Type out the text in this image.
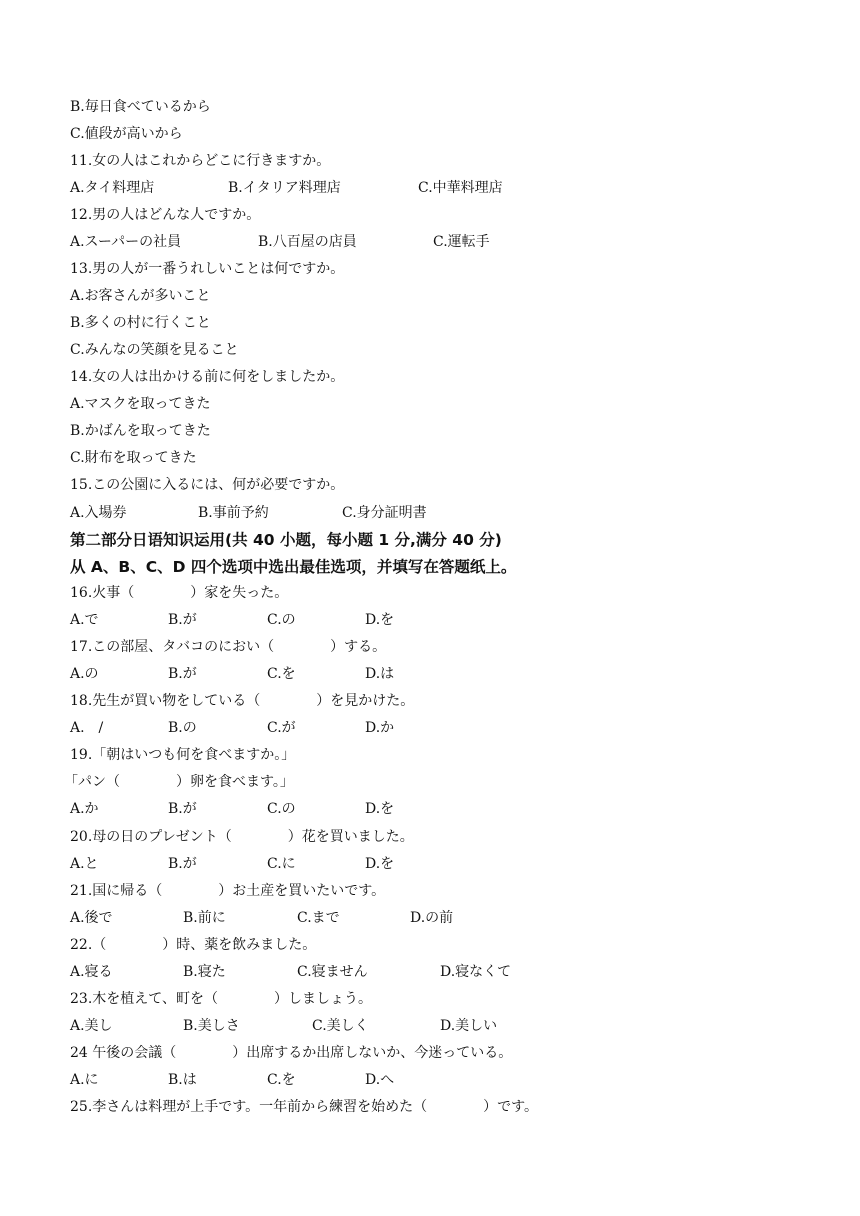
B.毎日食べているから
C.値段が高いから
11.女の人はこれからどこに行きますか。
A.タイ料理店	B.イタリア料理店	C.中華料理店
12.男の人はどんな人ですか。
A.スーパーの社員	B.八百屋の店員	C.運転手
13.男の人が一番うれしいことは何ですか。
A.お客さんが多いこと
B.多くの村に行くこと
C.みんなの笑顔を見ること
14.女の人は出かける前に何をしましたか。
A.マスクを取ってきた
B.かばんを取ってきた
C.財布を取ってきた
15.この公園に入るには、何が必要ですか。
A.入場券	B.事前予約	C.身分証明書
第二部分日语知识运用(共 40 小题，每小题 1 分,满分 40 分)
从 A、B、C、D 四个选项中选出最佳选项，并填写在答题纸上。
16.火事（　　　　）家を失った。
A.で	B.が	C.の	D.を
17.この部屋、タバコのにおい（　　　　）する。
A.の	B.が	C.を	D.は
18.先生が買い物をしている（　　　　）を見かけた。
A.　/	B.の	C.が	D.か
19.「朝はいつも何を食べますか。」
「パン（　　　　）卵を食べます。」
A.か	B.が	C.の	D.を
20.母の日のプレゼント（　　　　）花を買いました。
A.と	B.が	C.に	D.を
21.国に帰る（　　　　）お土産を買いたいです。
A.後で	B.前に	C.まで	D.の前
22.（　　　　）時、薬を飲みました。
A.寝る	B.寝た	C.寝ません	D.寝なくて
23.木を植えて、町を（　　　　）しましょう。
A.美し	B.美しさ	C.美しく	D.美しい
24 午後の会議（　　　　）出席するか出席しないか、今迷っている。
A.に	B.は	C.を	D.へ
25.李さんは料理が上手です。一年前から練習を始めた（　　　　）です。
